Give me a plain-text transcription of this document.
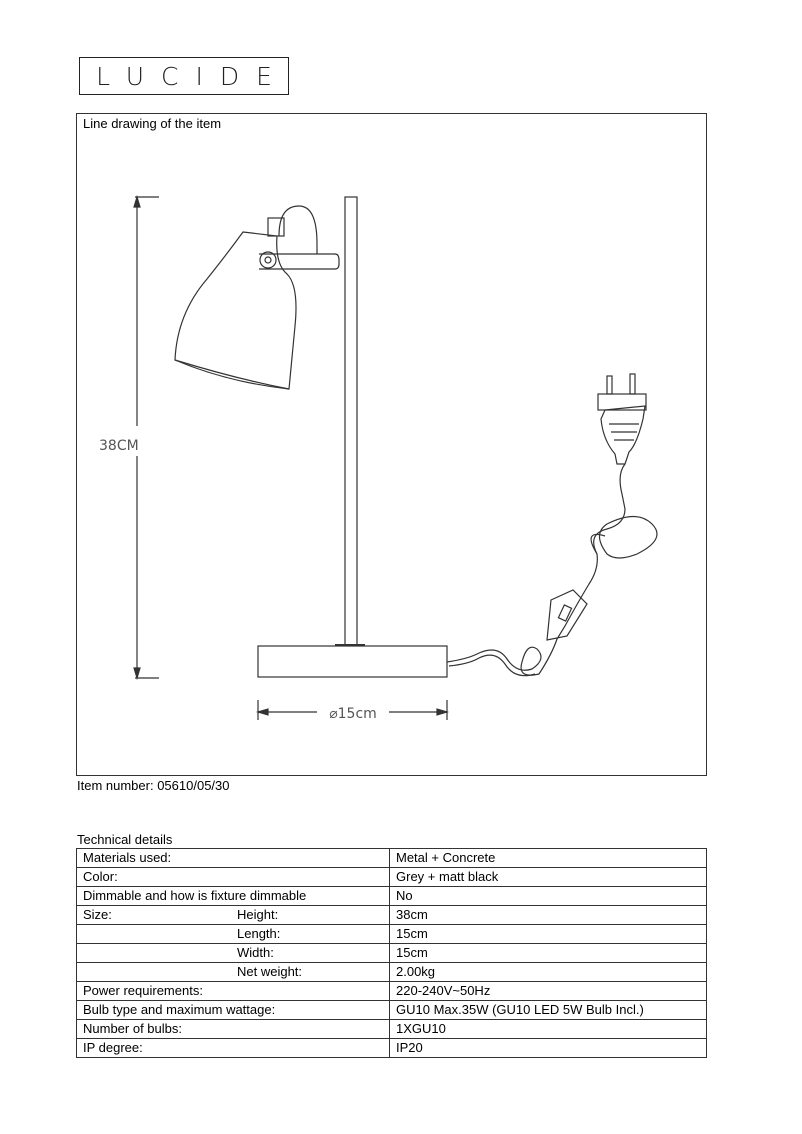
LUCIDE
Line drawing of the item
38CM
⌀15cm
Item number: 05610/05/30
Technical details
Materials used:	Metal + Concrete
Color:	Grey + matt black
Dimmable and how is fixture dimmable	No
Size: Height:	38cm

Length:	15cm

Width:	15cm

Net weight:	2.00kg
Power requirements:	220-240V~50Hz
Bulb type and maximum wattage:	GU10 Max.35W (GU10 LED 5W Bulb Incl.)
Number of bulbs:	1XGU10
IP degree:	IP20
